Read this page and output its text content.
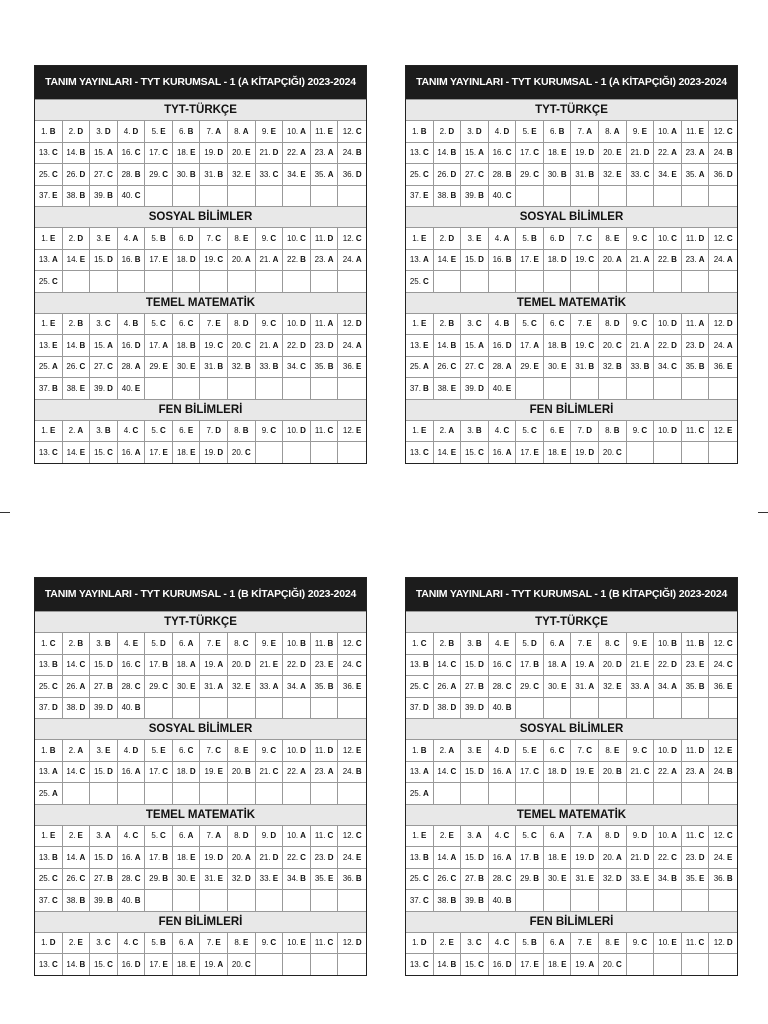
TANIM YAYINLARI - TYT KURUMSAL - 1 (A KİTAPÇIĞI) 2023-2024
TYT-TÜRKÇE
1. B 2. D 3. D 4. D 5. E 6. B 7. A 8. A 9. E 10. A 11. E 12. C
13. C 14. B 15. A 16. C 17. C 18. E 19. D 20. E 21. D 22. A 23. A 24. B
25. C 26. D 27. C 28. B 29. C 30. B 31. B 32. E 33. C 34. E 35. A 36. D
37. E 38. B 39. B 40. C
SOSYAL BİLİMLER
1. E 2. D 3. E 4. A 5. B 6. D 7. C 8. E 9. C 10. C 11. D 12. C
13. A 14. E 15. D 16. B 17. E 18. D 19. C 20. A 21. A 22. B 23. A 24. A
25. C
TEMEL MATEMATİK
1. E 2. B 3. C 4. B 5. C 6. C 7. E 8. D 9. C 10. D 11. A 12. D
13. E 14. B 15. A 16. D 17. A 18. B 19. C 20. C 21. A 22. D 23. D 24. A
25. A 26. C 27. C 28. A 29. E 30. E 31. B 32. B 33. B 34. C 35. B 36. E
37. B 38. E 39. D 40. E
FEN BİLİMLERİ
1. E 2. A 3. B 4. C 5. C 6. E 7. D 8. B 9. C 10. D 11. C 12. E
13. C 14. E 15. C 16. A 17. E 18. E 19. D 20. C
TANIM YAYINLARI - TYT KURUMSAL - 1 (A KİTAPÇIĞI) 2023-2024
TYT-TÜRKÇE
1. B 2. D 3. D 4. D 5. E 6. B 7. A 8. A 9. E 10. A 11. E 12. C
13. C 14. B 15. A 16. C 17. C 18. E 19. D 20. E 21. D 22. A 23. A 24. B
25. C 26. D 27. C 28. B 29. C 30. B 31. B 32. E 33. C 34. E 35. A 36. D
37. E 38. B 39. B 40. C
SOSYAL BİLİMLER
1. E 2. D 3. E 4. A 5. B 6. D 7. C 8. E 9. C 10. C 11. D 12. C
13. A 14. E 15. D 16. B 17. E 18. D 19. C 20. A 21. A 22. B 23. A 24. A
25. C
TEMEL MATEMATİK
1. E 2. B 3. C 4. B 5. C 6. C 7. E 8. D 9. C 10. D 11. A 12. D
13. E 14. B 15. A 16. D 17. A 18. B 19. C 20. C 21. A 22. D 23. D 24. A
25. A 26. C 27. C 28. A 29. E 30. E 31. B 32. B 33. B 34. C 35. B 36. E
37. B 38. E 39. D 40. E
FEN BİLİMLERİ
1. E 2. A 3. B 4. C 5. C 6. E 7. D 8. B 9. C 10. D 11. C 12. E
13. C 14. E 15. C 16. A 17. E 18. E 19. D 20. C
TANIM YAYINLARI - TYT KURUMSAL - 1 (B KİTAPÇIĞI) 2023-2024
TYT-TÜRKÇE
1. C 2. B 3. B 4. E 5. D 6. A 7. E 8. C 9. E 10. B 11. B 12. C
13. B 14. C 15. D 16. C 17. B 18. A 19. A 20. D 21. E 22. D 23. E 24. C
25. C 26. A 27. B 28. C 29. C 30. E 31. A 32. E 33. A 34. A 35. B 36. E
37. D 38. D 39. D 40. B
SOSYAL BİLİMLER
1. B 2. A 3. E 4. D 5. E 6. C 7. C 8. E 9. C 10. D 11. D 12. E
13. A 14. C 15. D 16. A 17. C 18. D 19. E 20. B 21. C 22. A 23. A 24. B
25. A
TEMEL MATEMATİK
1. E 2. E 3. A 4. C 5. C 6. A 7. A 8. D 9. D 10. A 11. C 12. C
13. B 14. A 15. D 16. A 17. B 18. E 19. D 20. A 21. D 22. C 23. D 24. E
25. C 26. C 27. B 28. C 29. B 30. E 31. E 32. D 33. E 34. B 35. E 36. B
37. C 38. B 39. B 40. B
FEN BİLİMLERİ
1. D 2. E 3. C 4. C 5. B 6. A 7. E 8. E 9. C 10. E 11. C 12. D
13. C 14. B 15. C 16. D 17. E 18. E 19. A 20. C
TANIM YAYINLARI - TYT KURUMSAL - 1 (B KİTAPÇIĞI) 2023-2024
TYT-TÜRKÇE
1. C 2. B 3. B 4. E 5. D 6. A 7. E 8. C 9. E 10. B 11. B 12. C
13. B 14. C 15. D 16. C 17. B 18. A 19. A 20. D 21. E 22. D 23. E 24. C
25. C 26. A 27. B 28. C 29. C 30. E 31. A 32. E 33. A 34. A 35. B 36. E
37. D 38. D 39. D 40. B
SOSYAL BİLİMLER
1. B 2. A 3. E 4. D 5. E 6. C 7. C 8. E 9. C 10. D 11. D 12. E
13. A 14. C 15. D 16. A 17. C 18. D 19. E 20. B 21. C 22. A 23. A 24. B
25. A
TEMEL MATEMATİK
1. E 2. E 3. A 4. C 5. C 6. A 7. A 8. D 9. D 10. A 11. C 12. C
13. B 14. A 15. D 16. A 17. B 18. E 19. D 20. A 21. D 22. C 23. D 24. E
25. C 26. C 27. B 28. C 29. B 30. E 31. E 32. D 33. E 34. B 35. E 36. B
37. C 38. B 39. B 40. B
FEN BİLİMLERİ
1. D 2. E 3. C 4. C 5. B 6. A 7. E 8. E 9. C 10. E 11. C 12. D
13. C 14. B 15. C 16. D 17. E 18. E 19. A 20. C
